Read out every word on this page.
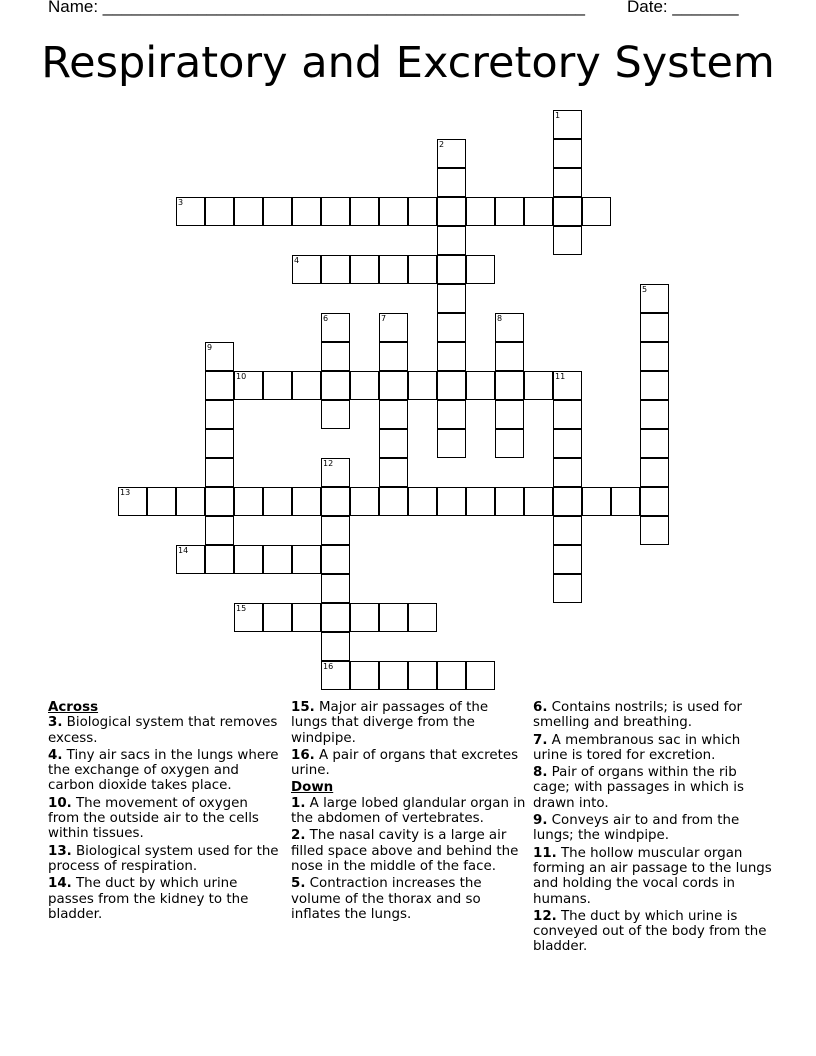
Name: ___________________________________________________ Date: _______
Respiratory and Excretory System
1
2
3
4
5
6	7	8
9
10	11
12
13
14
15
16
Across
3. Biological system that removes excess.
4. Tiny air sacs in the lungs where the exchange of oxygen and carbon dioxide takes place.
10. The movement of oxygen from the outside air to the cells within tissues.
13. Biological system used for the process of respiration.
14. The duct by which urine passes from the kidney to the bladder.
15. Major air passages of the lungs that diverge from the windpipe.
16. A pair of organs that excretes urine.
Down
1. A large lobed glandular organ in the abdomen of vertebrates.
2. The nasal cavity is a large air filled space above and behind the nose in the middle of the face.
5. Contraction increases the volume of the thorax and so inflates the lungs.
6. Contains nostrils; is used for smelling and breathing.
7. A membranous sac in which urine is tored for excretion.
8. Pair of organs within the rib cage; with passages in which is drawn into.
9. Conveys air to and from the lungs; the windpipe.
11. The hollow muscular organ forming an air passage to the lungs and holding the vocal cords in humans.
12. The duct by which urine is conveyed out of the body from the bladder.
